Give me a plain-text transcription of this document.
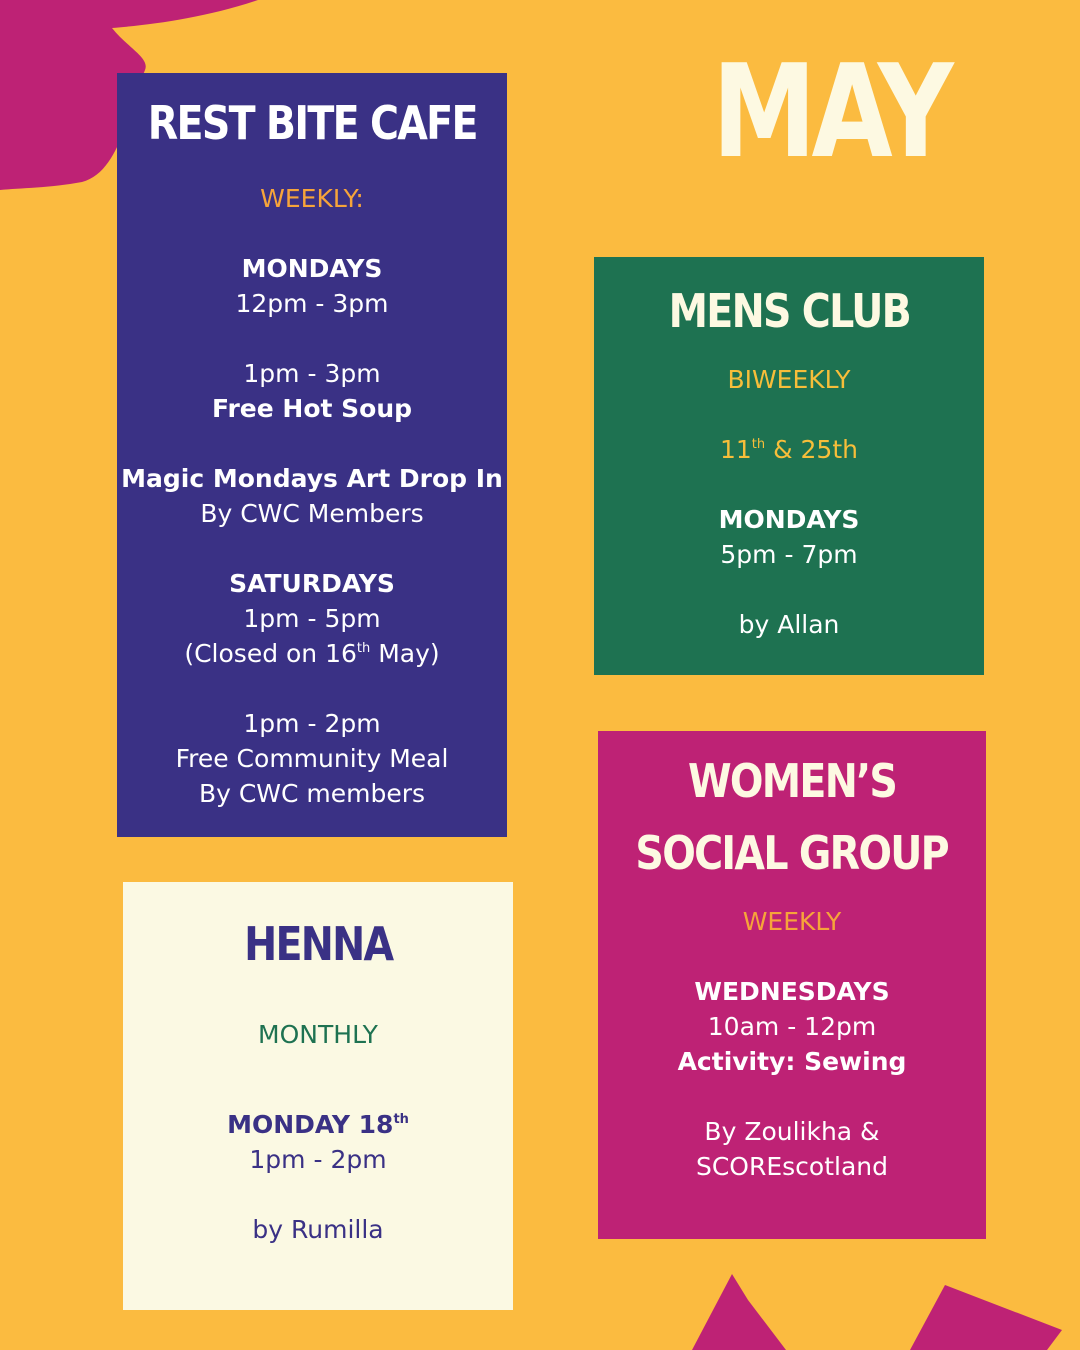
MAY
REST BITE CAFE
WEEKLY:
MONDAYS
12pm - 3pm
1pm - 3pm
Free Hot Soup
Magic Mondays Art Drop In
By CWC Members
SATURDAYS
1pm - 5pm
(Closed on 16th May)
1pm - 2pm
Free Community Meal
By CWC members
MENS CLUB
BIWEEKLY
11th & 25th
MONDAYS
5pm - 7pm
by Allan
WOMEN’S
SOCIAL GROUP
WEEKLY
WEDNESDAYS
10am - 12pm
Activity: Sewing
By Zoulikha &
SCOREscotland
HENNA
MONTHLY
MONDAY 18th
1pm - 2pm
by Rumilla
